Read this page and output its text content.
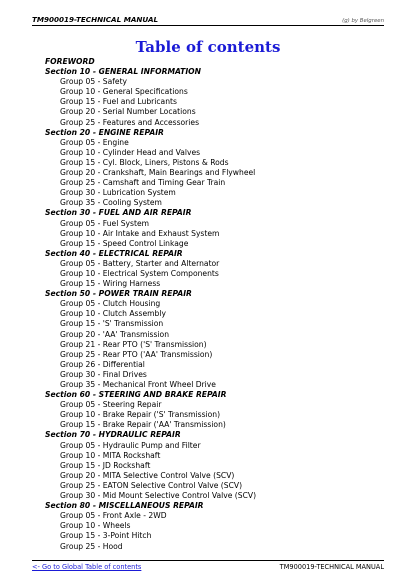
TM900019-TECHNICAL MANUAL	(g) by Belgreen
Table of contents
FOREWORD
Section 10 - GENERAL INFORMATION
Group 05 - Safety
Group 10 - General Specifications
Group 15 - Fuel and Lubricants
Group 20 - Serial Number Locations
Group 25 - Features and Accessories
Section 20 - ENGINE REPAIR
Group 05 - Engine
Group 10 - Cylinder Head and Valves
Group 15 - Cyl. Block, Liners, Pistons & Rods
Group 20 - Crankshaft, Main Bearings and Flywheel
Group 25 - Camshaft and Timing Gear Train
Group 30 - Lubrication System
Group 35 - Cooling System
Section 30 - FUEL AND AIR REPAIR
Group 05 - Fuel System
Group 10 - Air Intake and Exhaust System
Group 15 - Speed Control Linkage
Section 40 - ELECTRICAL REPAIR
Group 05 - Battery, Starter and Alternator
Group 10 - Electrical System Components
Group 15 - Wiring Harness
Section 50 - POWER TRAIN REPAIR
Group 05 - Clutch Housing
Group 10 - Clutch Assembly
Group 15 - 'S' Transmission
Group 20 - 'AA' Transmission
Group 21 - Rear PTO ('S' Transmission)
Group 25 - Rear PTO ('AA' Transmission)
Group 26 - Differential
Group 30 - Final Drives
Group 35 - Mechanical Front Wheel Drive
Section 60 - STEERING AND BRAKE REPAIR
Group 05 - Steering Repair
Group 10 - Brake Repair ('S' Transmission)
Group 15 - Brake Repair ('AA' Transmission)
Section 70 - HYDRAULIC REPAIR
Group 05 - Hydraulic Pump and Filter
Group 10 - MITA Rockshaft
Group 15 - JD Rockshaft
Group 20 - MITA Selective Control Valve (SCV)
Group 25 - EATON Selective Control Valve (SCV)
Group 30 - Mid Mount Selective Control Valve (SCV)
Section 80 - MISCELLANEOUS REPAIR
Group 05 - Front Axle - 2WD
Group 10 - Wheels
Group 15 - 3-Point Hitch
Group 25 - Hood
<- Go to Global Table of contents	TM900019-TECHNICAL MANUAL
